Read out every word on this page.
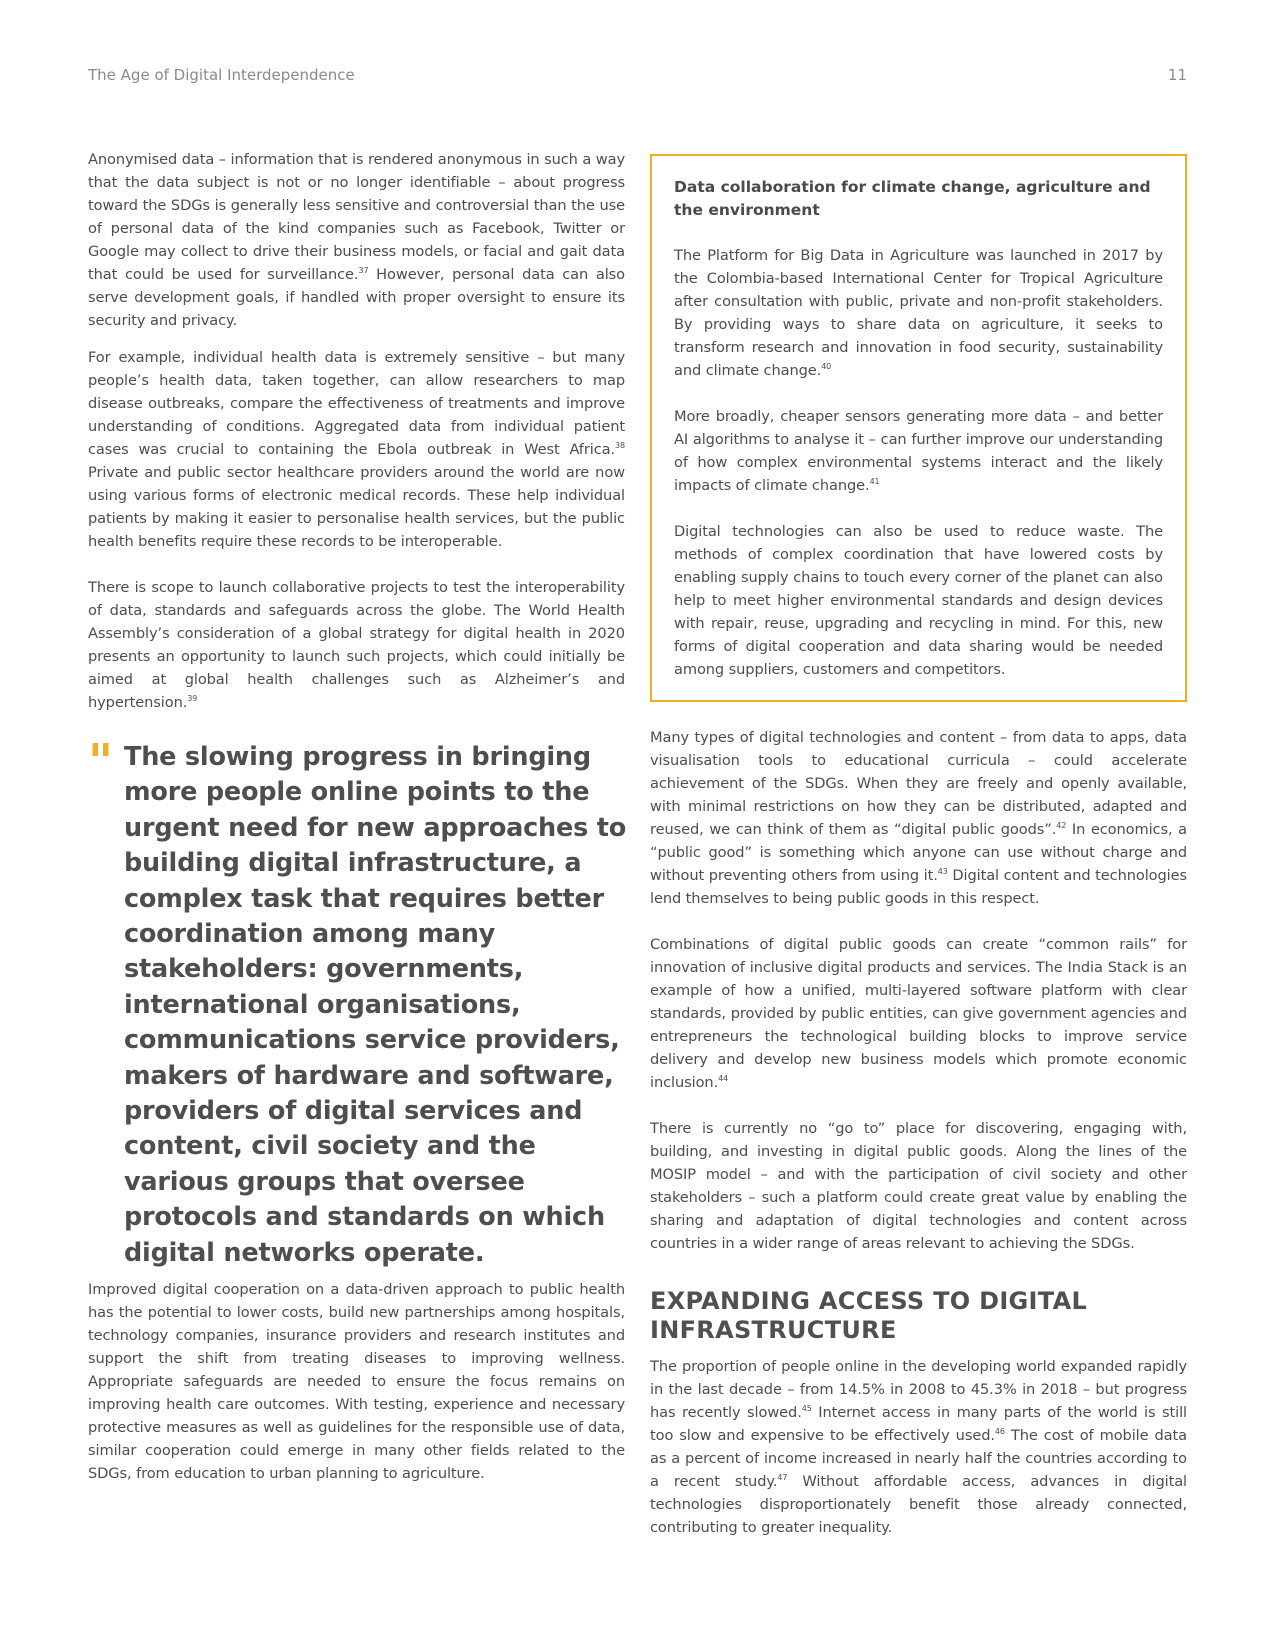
The Age of Digital Interdependence	11

Anonymised data – information that is rendered anonymous in such a way that the data subject is not or no longer identifiable – about progress toward the SDGs is generally less sensitive and controversial than the use of personal data of the kind companies such as Facebook, Twitter or Google may collect to drive their business models, or facial and gait data that could be used for surveillance.$^{37}$ However, personal data can also serve development goals, if handled with proper oversight to ensure its security and privacy.

For example, individual health data is extremely sensitive – but many people’s health data, taken together, can allow researchers to map disease outbreaks, compare the effectiveness of treatments and improve understanding of conditions. Aggregated data from individual patient cases was crucial to containing the Ebola outbreak in West Africa.$^{38}$ Private and public sector healthcare providers around the world are now using various forms of electronic medical records. These help individual patients by making it easier to personalise health services, but the public health benefits require these records to be interoperable.

There is scope to launch collaborative projects to test the interoperability of data, standards and safeguards across the globe. The World Health Assembly’s consideration of a global strategy for digital health in 2020 presents an opportunity to launch such projects, which could initially be aimed at global health challenges such as Alzheimer’s and hypertension.$^{39}$

" The slowing progress in bringing more people online points to the urgent need for new approaches to building digital infrastructure, a complex task that requires better coordination among many stakeholders: governments, international organisations, communications service providers, makers of hardware and software, providers of digital services and content, civil society and the various groups that oversee protocols and standards on which digital networks operate.

Improved digital cooperation on a data-driven approach to public health has the potential to lower costs, build new partnerships among hospitals, technology companies, insurance providers and research institutes and support the shift from treating diseases to improving wellness. Appropriate safeguards are needed to ensure the focus remains on improving health care outcomes. With testing, experience and necessary protective measures as well as guidelines for the responsible use of data, similar cooperation could emerge in many other fields related to the SDGs, from education to urban planning to agriculture.

Data collaboration for climate change, agriculture and the environment

The Platform for Big Data in Agriculture was launched in 2017 by the Colombia-based International Center for Tropical Agriculture after consultation with public, private and non-profit stakeholders. By providing ways to share data on agriculture, it seeks to transform research and innovation in food security, sustainability and climate change.$^{40}$

More broadly, cheaper sensors generating more data – and better AI algorithms to analyse it – can further improve our understanding of how complex environmental systems interact and the likely impacts of climate change.$^{41}$

Digital technologies can also be used to reduce waste. The methods of complex coordination that have lowered costs by enabling supply chains to touch every corner of the planet can also help to meet higher environmental standards and design devices with repair, reuse, upgrading and recycling in mind. For this, new forms of digital cooperation and data sharing would be needed among suppliers, customers and competitors.

Many types of digital technologies and content – from data to apps, data visualisation tools to educational curricula – could accelerate achievement of the SDGs. When they are freely and openly available, with minimal restrictions on how they can be distributed, adapted and reused, we can think of them as “digital public goods”.$^{42}$ In economics, a “public good” is something which anyone can use without charge and without preventing others from using it.$^{43}$ Digital content and technologies lend themselves to being public goods in this respect.

Combinations of digital public goods can create “common rails” for innovation of inclusive digital products and services. The India Stack is an example of how a unified, multi-layered software platform with clear standards, provided by public entities, can give government agencies and entrepreneurs the technological building blocks to improve service delivery and develop new business models which promote economic inclusion.$^{44}$

There is currently no “go to” place for discovering, engaging with, building, and investing in digital public goods. Along the lines of the MOSIP model – and with the participation of civil society and other stakeholders – such a platform could create great value by enabling the sharing and adaptation of digital technologies and content across countries in a wider range of areas relevant to achieving the SDGs.

EXPANDING ACCESS TO DIGITAL INFRASTRUCTURE

The proportion of people online in the developing world expanded rapidly in the last decade – from 14.5% in 2008 to 45.3% in 2018 – but progress has recently slowed.$^{45}$ Internet access in many parts of the world is still too slow and expensive to be effectively used.$^{46}$ The cost of mobile data as a percent of income increased in nearly half the countries according to a recent study.$^{47}$ Without affordable access, advances in digital technologies disproportionately benefit those already connected, contributing to greater inequality.
